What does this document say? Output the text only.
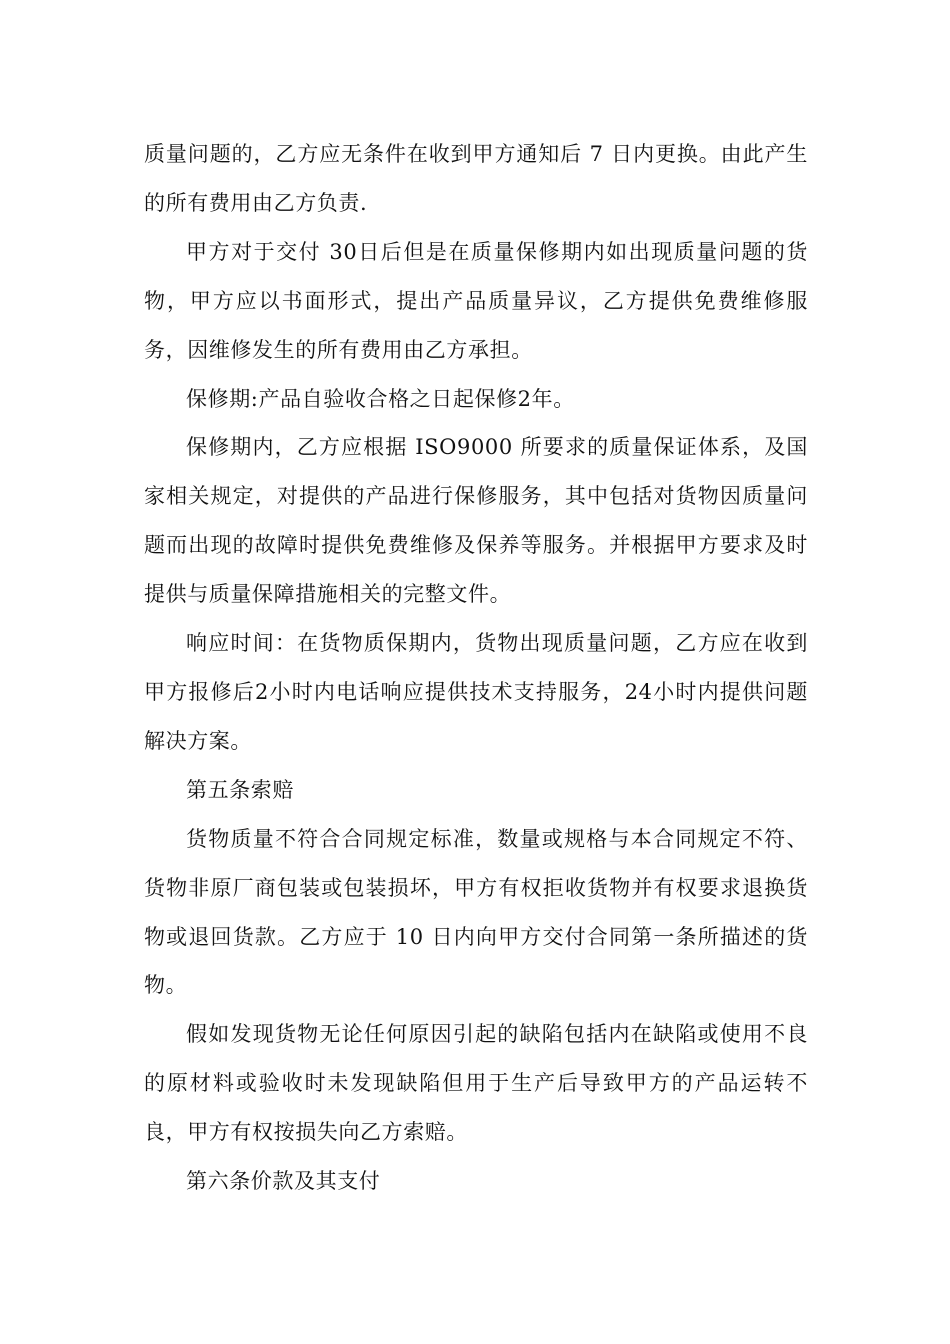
质量问题的，乙方应无条件在收到甲方通知后 7 日内更换。由此产生的所有费用由乙方负责.

甲方对于交付 30日后但是在质量保修期内如出现质量问题的货物，甲方应以书面形式，提出产品质量异议，乙方提供免费维修服务，因维修发生的所有费用由乙方承担。

保修期:产品自验收合格之日起保修2年。

保修期内，乙方应根据 ISO9000 所要求的质量保证体系，及国家相关规定，对提供的产品进行保修服务，其中包括对货物因质量问题而出现的故障时提供免费维修及保养等服务。并根据甲方要求及时提供与质量保障措施相关的完整文件。

响应时间：在货物质保期内，货物出现质量问题，乙方应在收到甲方报修后2小时内电话响应提供技术支持服务，24小时内提供问题解决方案。

第五条索赔

货物质量不符合合同规定标准，数量或规格与本合同规定不符、货物非原厂商包装或包装损坏，甲方有权拒收货物并有权要求退换货物或退回货款。乙方应于 10 日内向甲方交付合同第一条所描述的货物。

假如发现货物无论任何原因引起的缺陷包括内在缺陷或使用不良的原材料或验收时未发现缺陷但用于生产后导致甲方的产品运转不良，甲方有权按损失向乙方索赔。

第六条价款及其支付
